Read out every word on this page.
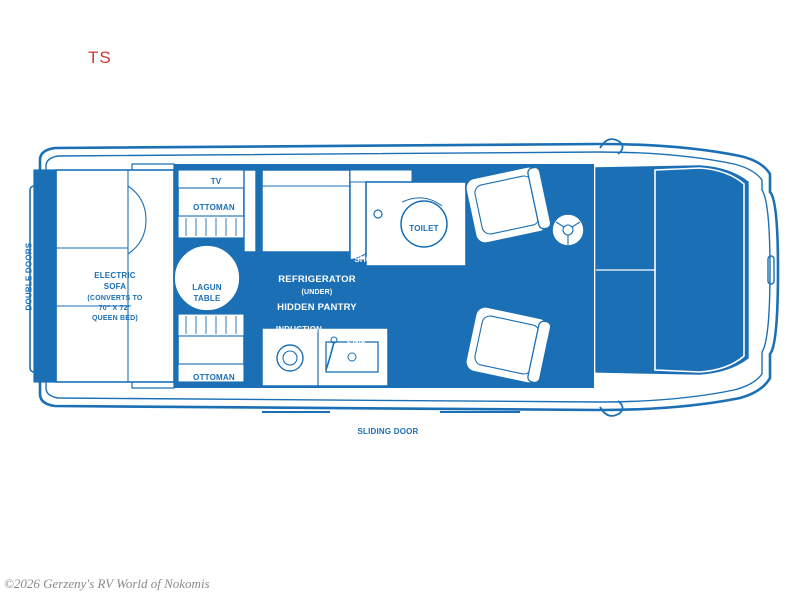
TS
DOUBLE DOORS
SLIDING DOOR
TV
OTTOMAN
OTTOMAN
ELECTRIC
SOFA
(CONVERTS TO
70" X 72"
QUEEN BED)
LAGUN
TABLE
MICROWAVE
(ABOVE)
REFRIGERATOR
(UNDER)
HIDDEN PANTRY
INDUCTION
STOVE	SINK
SHOWER
TOILET
©2026 Gerzeny's RV World of Nokomis
